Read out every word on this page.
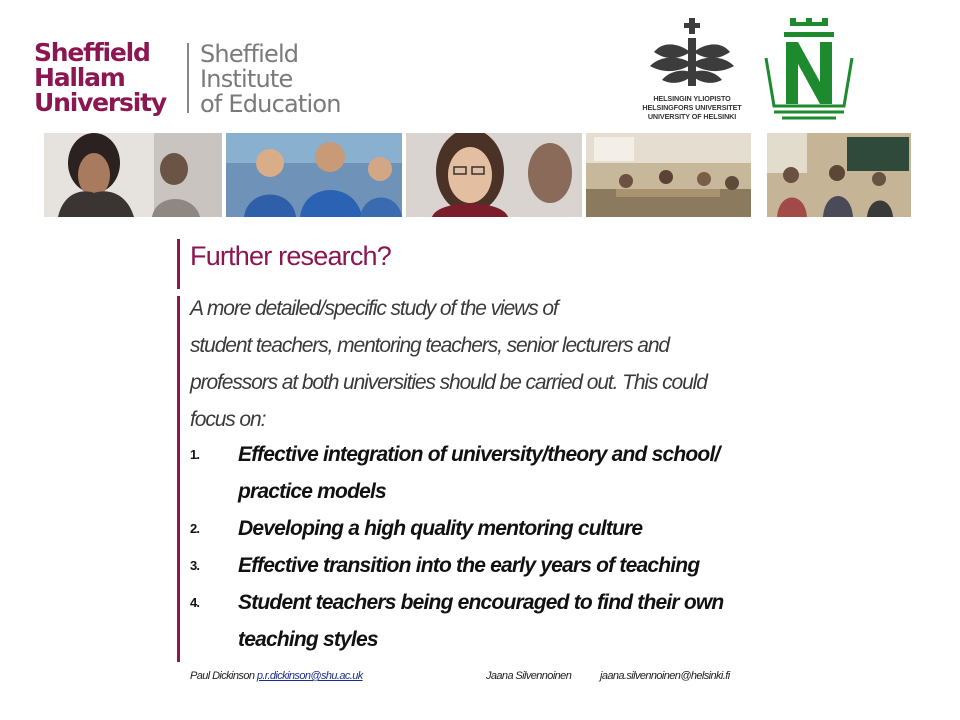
Sheffield
Hallam
University
Sheffield
Institute
of Education	HELSINGIN YLIOPISTO
HELSINGFORS UNIVERSITET
UNIVERSITY OF HELSINKI
Further research?
A more detailed/specific study of the views of
student teachers, mentoring teachers, senior lecturers and
professors at both universities should be carried out. This could
focus on:
1. Effective integration of university/theory and school/
practice models
2. Developing a high quality mentoring culture
3. Effective transition into the early years of teaching
4. Student teachers being encouraged to find their own
teaching styles
Paul Dickinson p.r.dickinson@shu.ac.uk	Jaana Silvennoinen	jaana.silvennoinen@helsinki.fi
